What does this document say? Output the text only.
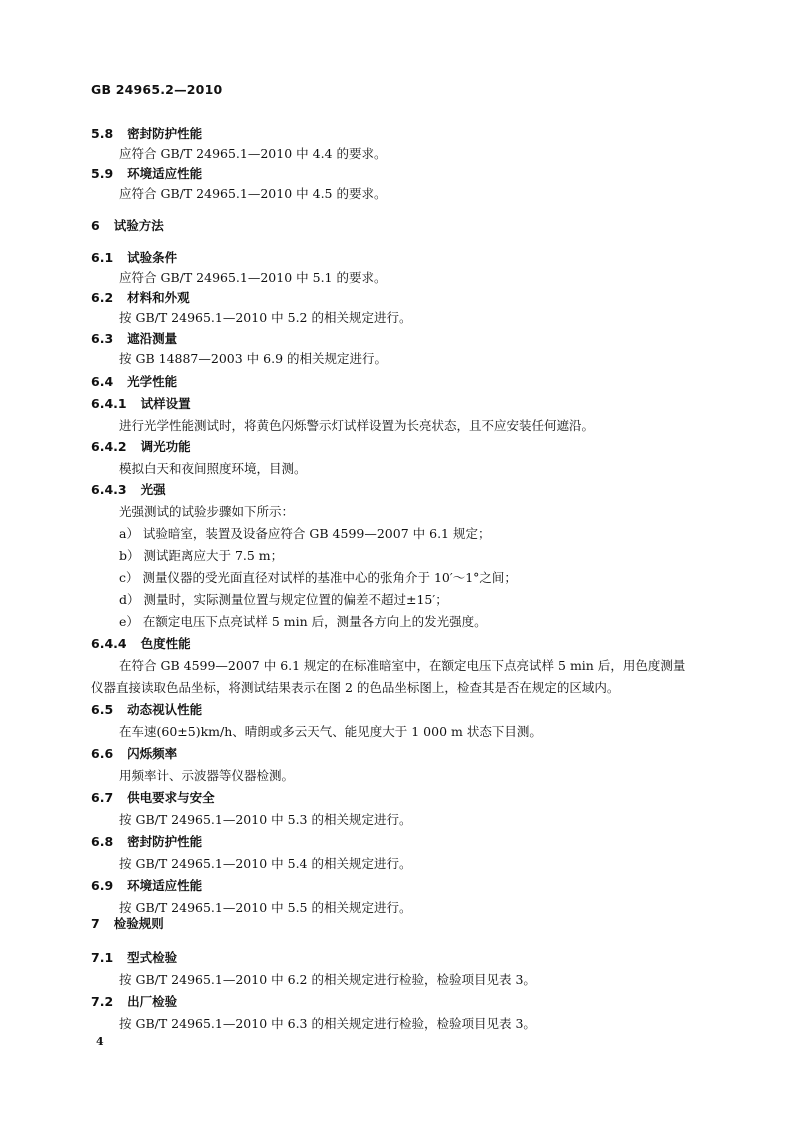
GB 24965.2—2010
5.8 密封防护性能
应符合 GB/T 24965.1—2010 中 4.4 的要求。
5.9 环境适应性能
应符合 GB/T 24965.1—2010 中 4.5 的要求。
6 试验方法
6.1 试验条件
应符合 GB/T 24965.1—2010 中 5.1 的要求。
6.2 材料和外观
按 GB/T 24965.1—2010 中 5.2 的相关规定进行。
6.3 遮沿测量
按 GB 14887—2003 中 6.9 的相关规定进行。
6.4 光学性能
6.4.1 试样设置
进行光学性能测试时，将黄色闪烁警示灯试样设置为长亮状态，且不应安装任何遮沿。
6.4.2 调光功能
模拟白天和夜间照度环境，目测。
6.4.3 光强
光强测试的试验步骤如下所示：
a） 试验暗室，装置及设备应符合 GB 4599—2007 中 6.1 规定；
b） 测试距离应大于 7.5 m；
c） 测量仪器的受光面直径对试样的基准中心的张角介于 10′～1°之间；
d） 测量时，实际测量位置与规定位置的偏差不超过±15′；
e） 在额定电压下点亮试样 5 min 后，测量各方向上的发光强度。
6.4.4 色度性能
在符合 GB 4599—2007 中 6.1 规定的在标准暗室中，在额定电压下点亮试样 5 min 后，用色度测量
仪器直接读取色品坐标，将测试结果表示在图 2 的色品坐标图上，检查其是否在规定的区域内。
6.5 动态视认性能
在车速(60±5)km/h、晴朗或多云天气、能见度大于 1 000 m 状态下目测。
6.6 闪烁频率
用频率计、示波器等仪器检测。
6.7 供电要求与安全
按 GB/T 24965.1—2010 中 5.3 的相关规定进行。
6.8 密封防护性能
按 GB/T 24965.1—2010 中 5.4 的相关规定进行。
6.9 环境适应性能
按 GB/T 24965.1—2010 中 5.5 的相关规定进行。
7 检验规则
7.1 型式检验
按 GB/T 24965.1—2010 中 6.2 的相关规定进行检验，检验项目见表 3。
7.2 出厂检验
按 GB/T 24965.1—2010 中 6.3 的相关规定进行检验，检验项目见表 3。
4
